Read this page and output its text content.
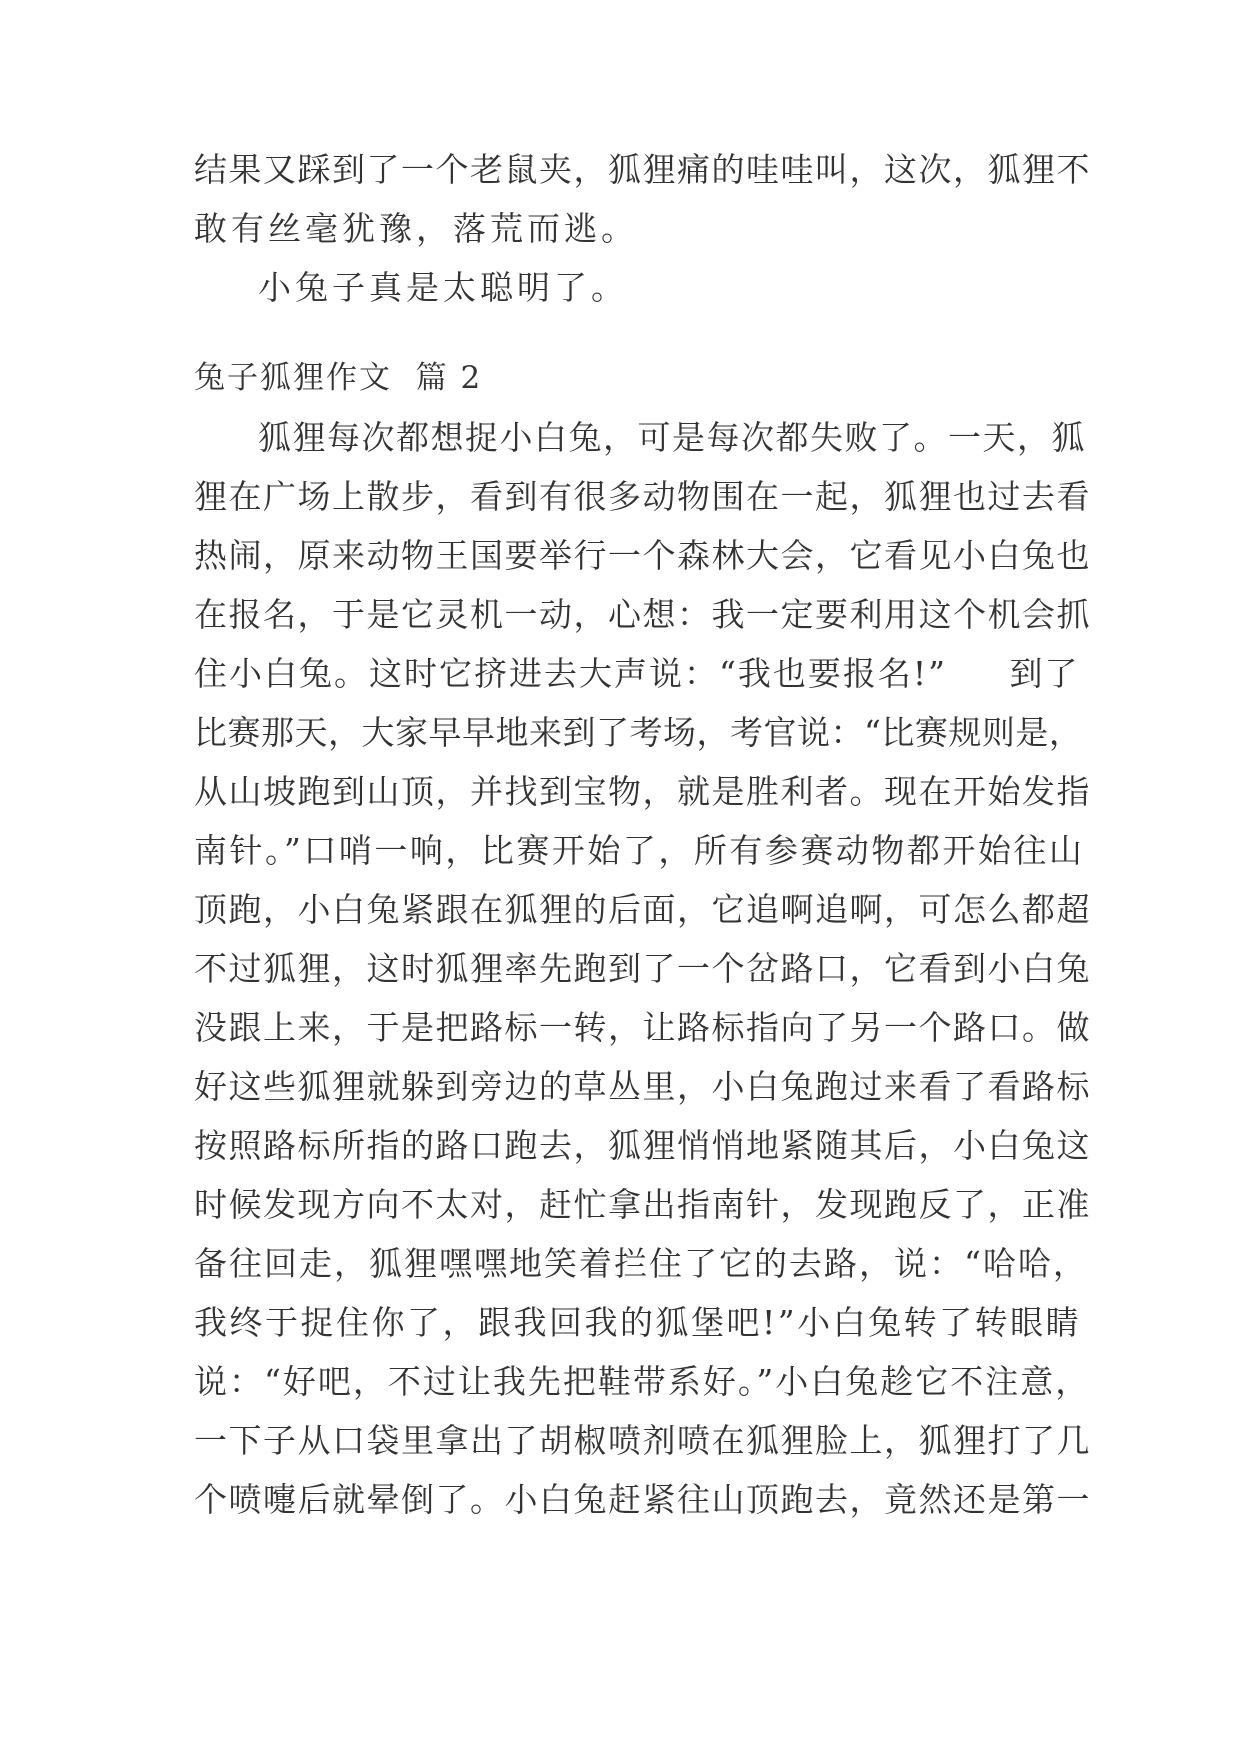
结果又踩到了一个老鼠夹，狐狸痛的哇哇叫，这次，狐狸不
敢有丝毫犹豫，落荒而逃。
小兔子真是太聪明了。
兔子狐狸作文  篇 2
狐狸每次都想捉小白兔，可是每次都失败了。一天，狐
狸在广场上散步，看到有很多动物围在一起，狐狸也过去看
热闹，原来动物王国要举行一个森林大会，它看见小白兔也
在报名，于是它灵机一动，心想：我一定要利用这个机会抓
住小白兔。这时它挤进去大声说：“我也要报名!”     到了
比赛那天，大家早早地来到了考场，考官说：“比赛规则是，
从山坡跑到山顶，并找到宝物，就是胜利者。现在开始发指
南针。”口哨一响，比赛开始了，所有参赛动物都开始往山
顶跑，小白兔紧跟在狐狸的后面，它追啊追啊，可怎么都超
不过狐狸，这时狐狸率先跑到了一个岔路口，它看到小白兔
没跟上来，于是把路标一转，让路标指向了另一个路口。做
好这些狐狸就躲到旁边的草丛里，小白兔跑过来看了看路标
按照路标所指的路口跑去，狐狸悄悄地紧随其后，小白兔这
时候发现方向不太对，赶忙拿出指南针，发现跑反了，正准
备往回走，狐狸嘿嘿地笑着拦住了它的去路，说：“哈哈，
我终于捉住你了，跟我回我的狐堡吧!”小白兔转了转眼睛
说：“好吧，不过让我先把鞋带系好。”小白兔趁它不注意，
一下子从口袋里拿出了胡椒喷剂喷在狐狸脸上，狐狸打了几
个喷嚏后就晕倒了。小白兔赶紧往山顶跑去，竟然还是第一
